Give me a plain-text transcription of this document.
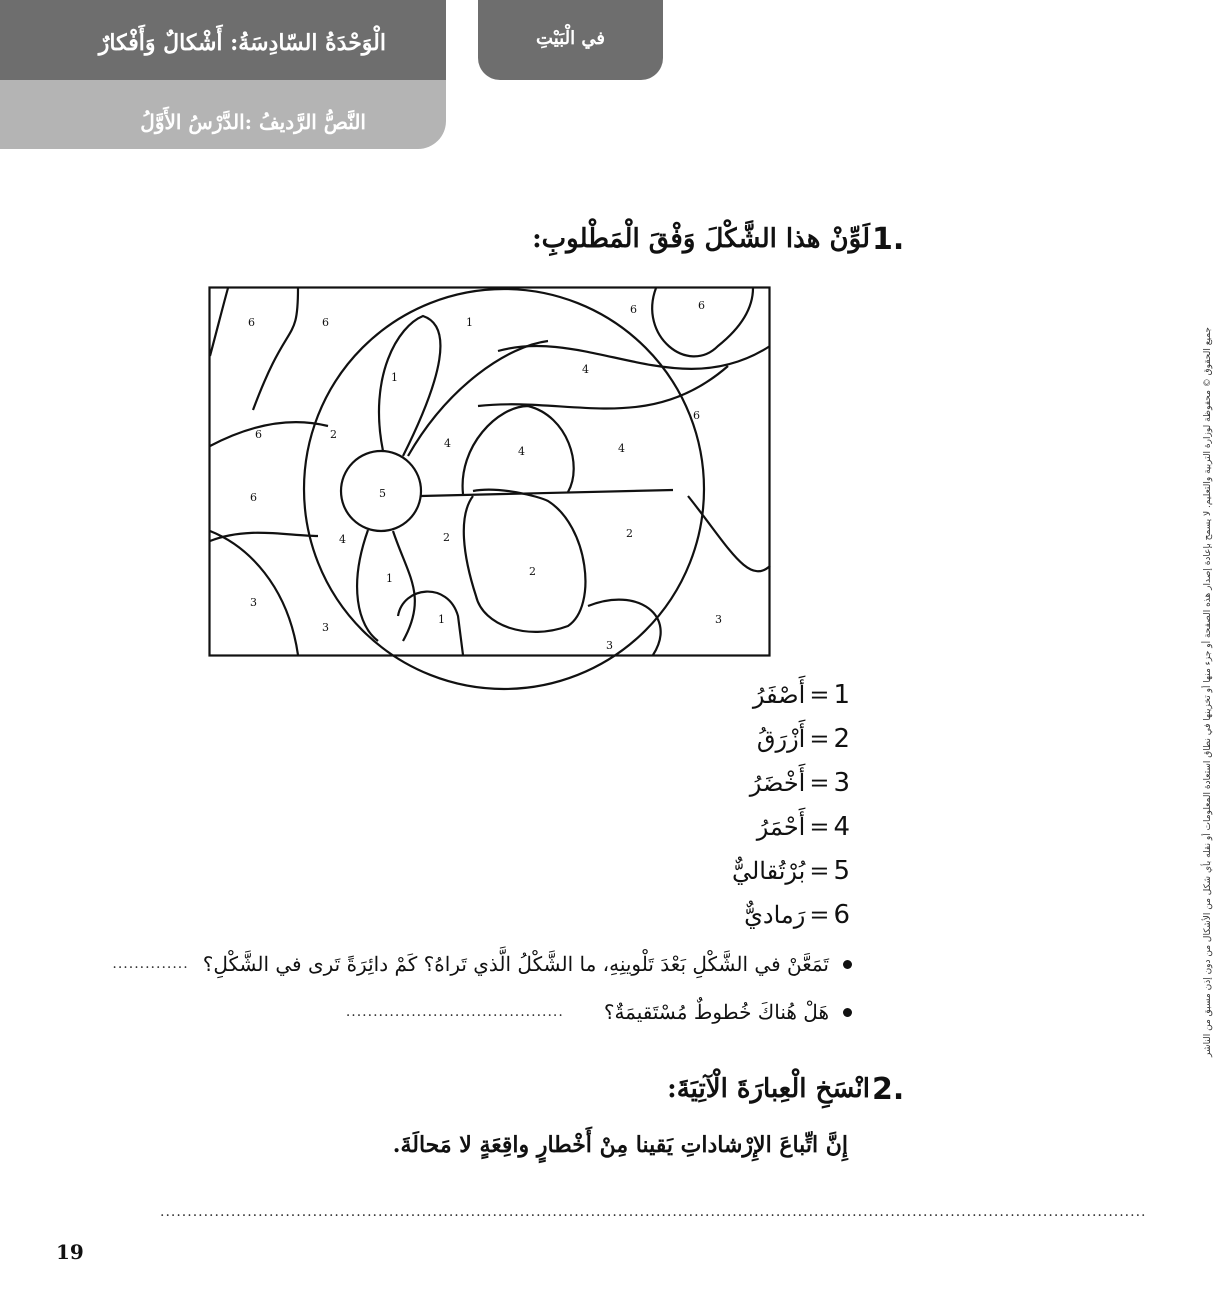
الْوَحْدَةُ السّادِسَةُ: أَشْكالٌ وَأَفْكارٌ
النَّصُّ الرَّديفُ :الدَّرْسُ الأَوَّلُ
في الْبَيْتِ
1.
لَوِّنْ هذا الشَّكْلَ وَفْقَ الْمَطْلوبِ:
6	6	1
6	6
1
4
6
2
4
4	4
6
5
6
4	2	2
1
2
3
3
1
3
3
1
=
أَصْفَرُ
2
=
أَزْرَقُ
3
=
أَخْضَرُ
4
=
أَحْمَرُ
5
=
بُرْتُقاليٌّ
6
=
رَماديٌّ
تَمَعَّنْ في الشَّكْلِ بَعْدَ تَلْوينِهِ، ما الشَّكْلُ الَّذي تَراهُ؟ كَمْ دائِرَةً تَرى في الشَّكْلِ؟
..............
هَلْ هُناكَ خُطوطٌ مُسْتَقيمَةٌ؟
........................................
2.
انْسَخِ الْعِبارَةَ الْآتِيَةَ:
إِنَّ اتِّباعَ الإِرْشاداتِ يَقينا مِنْ أَخْطارٍ واقِعَةٍ لا مَحالَةَ.
.....................................................................................................................................................................................
جميع الحقوق © محفوظة لوزارة التربية والتعليم. لا يسمح بإعادة إصدار هذه الصفحة أو جزء منها أو تخزينها في نطاق استعادة المعلومات أو نقله بأي شكل من الأشكال من دون إذن مسبق من الناشر
19
